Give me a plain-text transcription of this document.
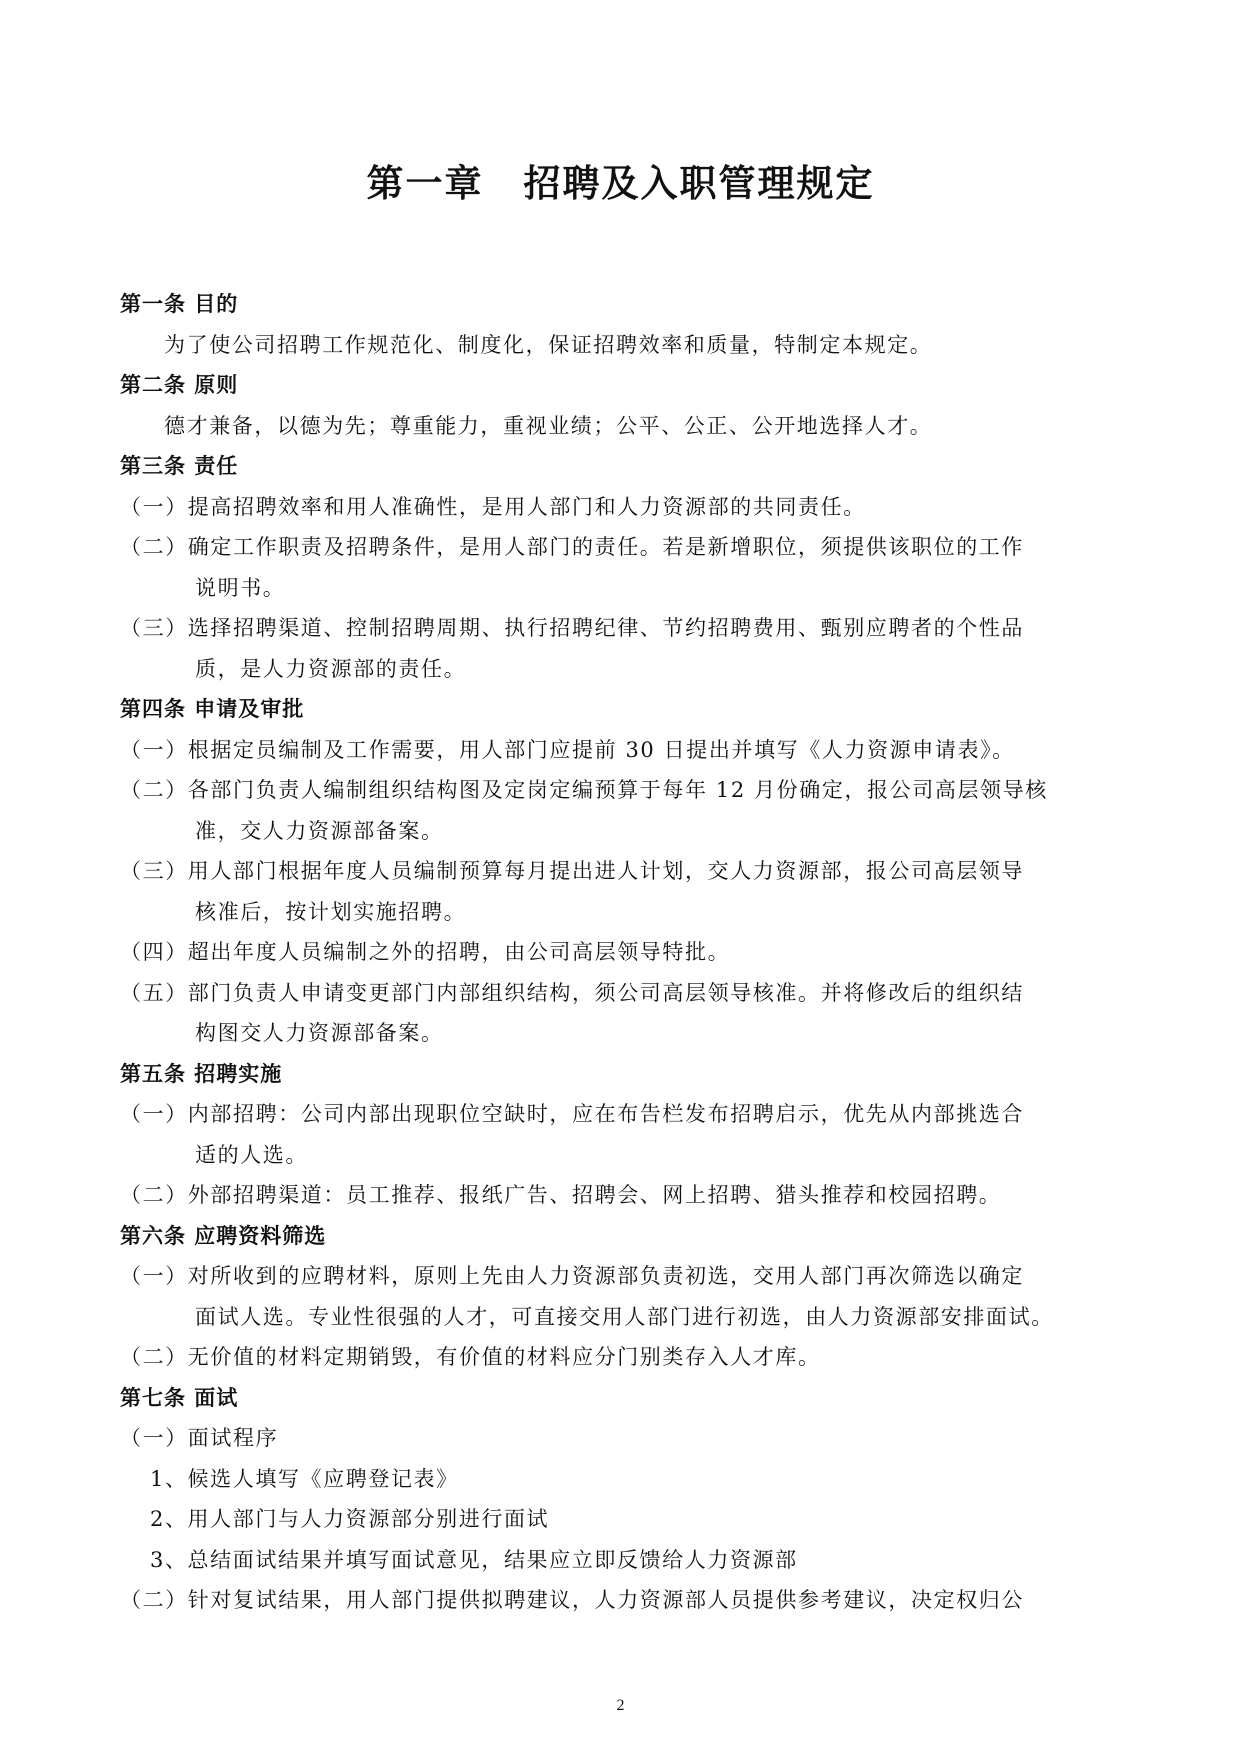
第一章 招聘及入职管理规定
第一条 目的
为了使公司招聘工作规范化、制度化，保证招聘效率和质量，特制定本规定。
第二条 原则
德才兼备，以德为先；尊重能力，重视业绩；公平、公正、公开地选择人才。
第三条 责任
（一）提高招聘效率和用人准确性，是用人部门和人力资源部的共同责任。
（二）确定工作职责及招聘条件，是用人部门的责任。若是新增职位，须提供该职位的工作
说明书。
（三）选择招聘渠道、控制招聘周期、执行招聘纪律、节约招聘费用、甄别应聘者的个性品
质，是人力资源部的责任。
第四条 申请及审批
（一）根据定员编制及工作需要，用人部门应提前 30 日提出并填写《人力资源申请表》。
（二）各部门负责人编制组织结构图及定岗定编预算于每年 12 月份确定，报公司高层领导核
准，交人力资源部备案。
（三）用人部门根据年度人员编制预算每月提出进人计划，交人力资源部，报公司高层领导
核准后，按计划实施招聘。
（四）超出年度人员编制之外的招聘，由公司高层领导特批。
（五）部门负责人申请变更部门内部组织结构，须公司高层领导核准。并将修改后的组织结
构图交人力资源部备案。
第五条 招聘实施
（一）内部招聘：公司内部出现职位空缺时，应在布告栏发布招聘启示，优先从内部挑选合
适的人选。
（二）外部招聘渠道：员工推荐、报纸广告、招聘会、网上招聘、猎头推荐和校园招聘。
第六条 应聘资料筛选
（一）对所收到的应聘材料，原则上先由人力资源部负责初选，交用人部门再次筛选以确定
面试人选。专业性很强的人才，可直接交用人部门进行初选，由人力资源部安排面试。
（二）无价值的材料定期销毁，有价值的材料应分门别类存入人才库。
第七条 面试
（一）面试程序
1、候选人填写《应聘登记表》
2、用人部门与人力资源部分别进行面试
3、总结面试结果并填写面试意见，结果应立即反馈给人力资源部
（二）针对复试结果，用人部门提供拟聘建议，人力资源部人员提供参考建议，决定权归公
2
